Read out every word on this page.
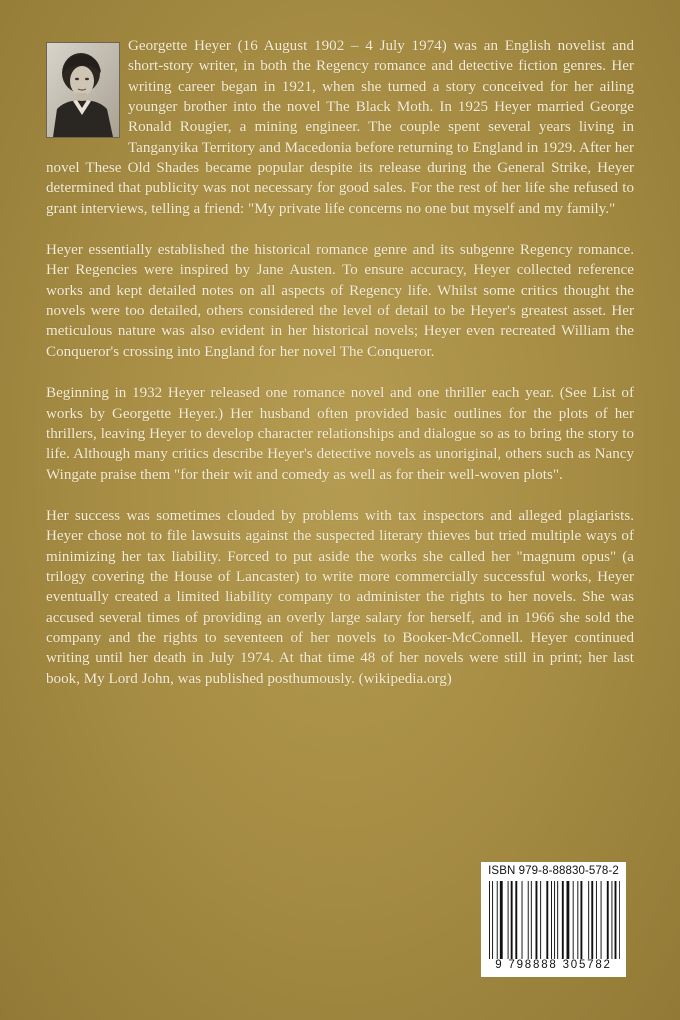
Georgette Heyer (16 August 1902 – 4 July 1974) was an English novelist and short-story writer, in both the Regency romance and detective fiction genres. Her writing career began in 1921, when she turned a story conceived for her ailing younger brother into the novel The Black Moth. In 1925 Heyer married George Ronald Rougier, a mining engineer. The couple spent several years living in Tanganyika Territory and Macedonia before returning to England in 1929. After her novel These Old Shades became popular despite its release during the General Strike, Heyer determined that publicity was not necessary for good sales. For the rest of her life she refused to grant interviews, telling a friend: "My private life concerns no one but myself and my family."

Heyer essentially established the historical romance genre and its subgenre Regency romance. Her Regencies were inspired by Jane Austen. To ensure accuracy, Heyer collected reference works and kept detailed notes on all aspects of Regency life. Whilst some critics thought the novels were too detailed, others considered the level of detail to be Heyer's greatest asset. Her meticulous nature was also evident in her historical novels; Heyer even recreated William the Conqueror's crossing into England for her novel The Conqueror.

Beginning in 1932 Heyer released one romance novel and one thriller each year. (See List of works by Georgette Heyer.) Her husband often provided basic outlines for the plots of her thrillers, leaving Heyer to develop character relationships and dialogue so as to bring the story to life. Although many critics describe Heyer's detective novels as unoriginal, others such as Nancy Wingate praise them "for their wit and comedy as well as for their well-woven plots".

Her success was sometimes clouded by problems with tax inspectors and alleged plagiarists. Heyer chose not to file lawsuits against the suspected literary thieves but tried multiple ways of minimizing her tax liability. Forced to put aside the works she called her "magnum opus" (a trilogy covering the House of Lancaster) to write more commercially successful works, Heyer eventually created a limited liability company to administer the rights to her novels. She was accused several times of providing an overly large salary for herself, and in 1966 she sold the company and the rights to seventeen of her novels to Booker-McConnell. Heyer continued writing until her death in July 1974. At that time 48 of her novels were still in print; her last book, My Lord John, was published posthumously. (wikipedia.org)

ISBN 979-8-88830-578-2
9 798888 305782
